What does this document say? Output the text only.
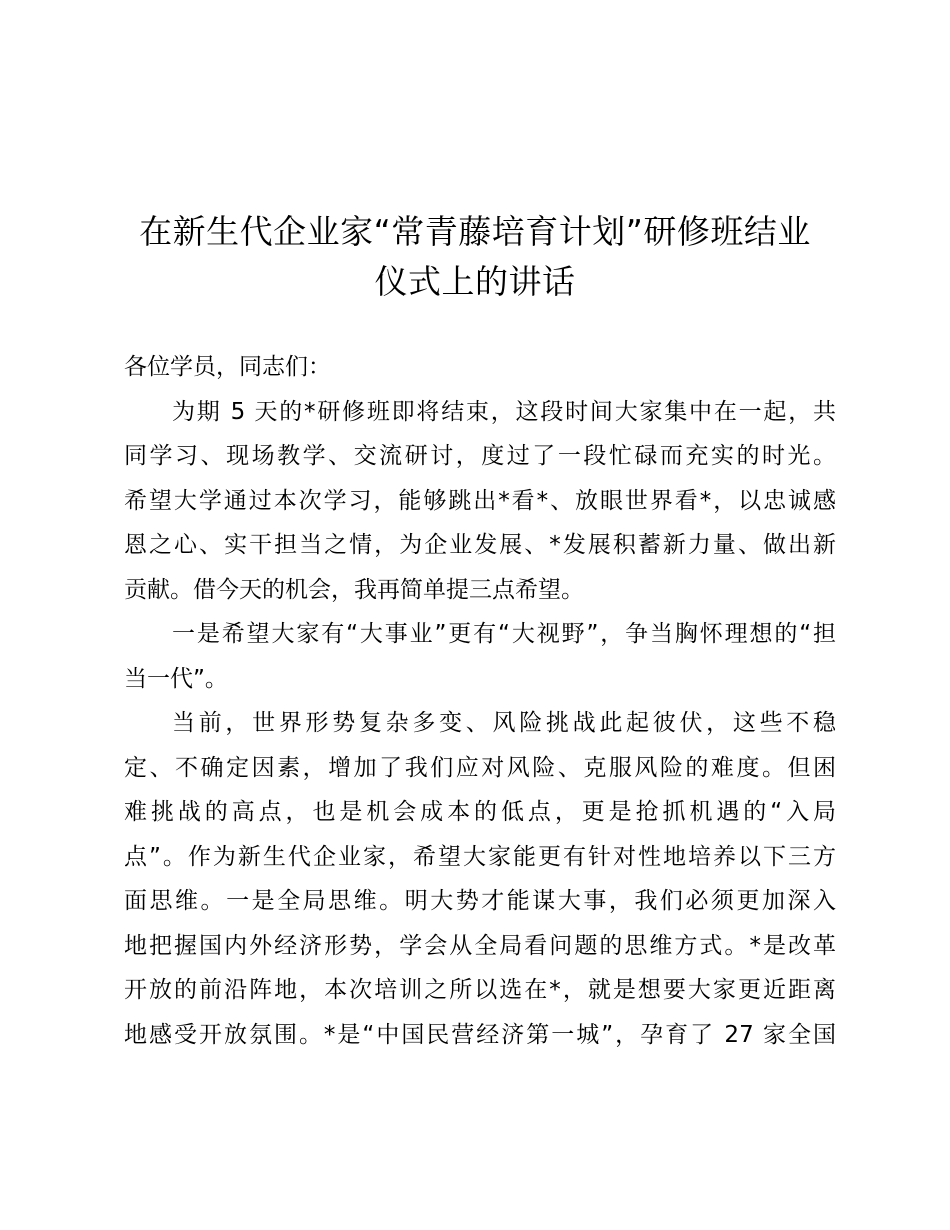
在新生代企业家“常青藤培育计划”研修班结业
仪式上的讲话
各位学员，同志们：
为期 5 天的*研修班即将结束，这段时间大家集中在一起，共
同学习、现场教学、交流研讨，度过了一段忙碌而充实的时光。
希望大学通过本次学习，能够跳出*看*、放眼世界看*，以忠诚感
恩之心、实干担当之情，为企业发展、*发展积蓄新力量、做出新
贡献。借今天的机会，我再简单提三点希望。
一是希望大家有“大事业”更有“大视野”，争当胸怀理想的“担
当一代”。
当前，世界形势复杂多变、风险挑战此起彼伏，这些不稳
定、不确定因素，增加了我们应对风险、克服风险的难度。但困
难挑战的高点，也是机会成本的低点，更是抢抓机遇的“入局
点”。作为新生代企业家，希望大家能更有针对性地培养以下三方
面思维。一是全局思维。明大势才能谋大事，我们必须更加深入
地把握国内外经济形势，学会从全局看问题的思维方式。*是改革
开放的前沿阵地，本次培训之所以选在*，就是想要大家更近距离
地感受开放氛围。*是“中国民营经济第一城”，孕育了 27 家全国
